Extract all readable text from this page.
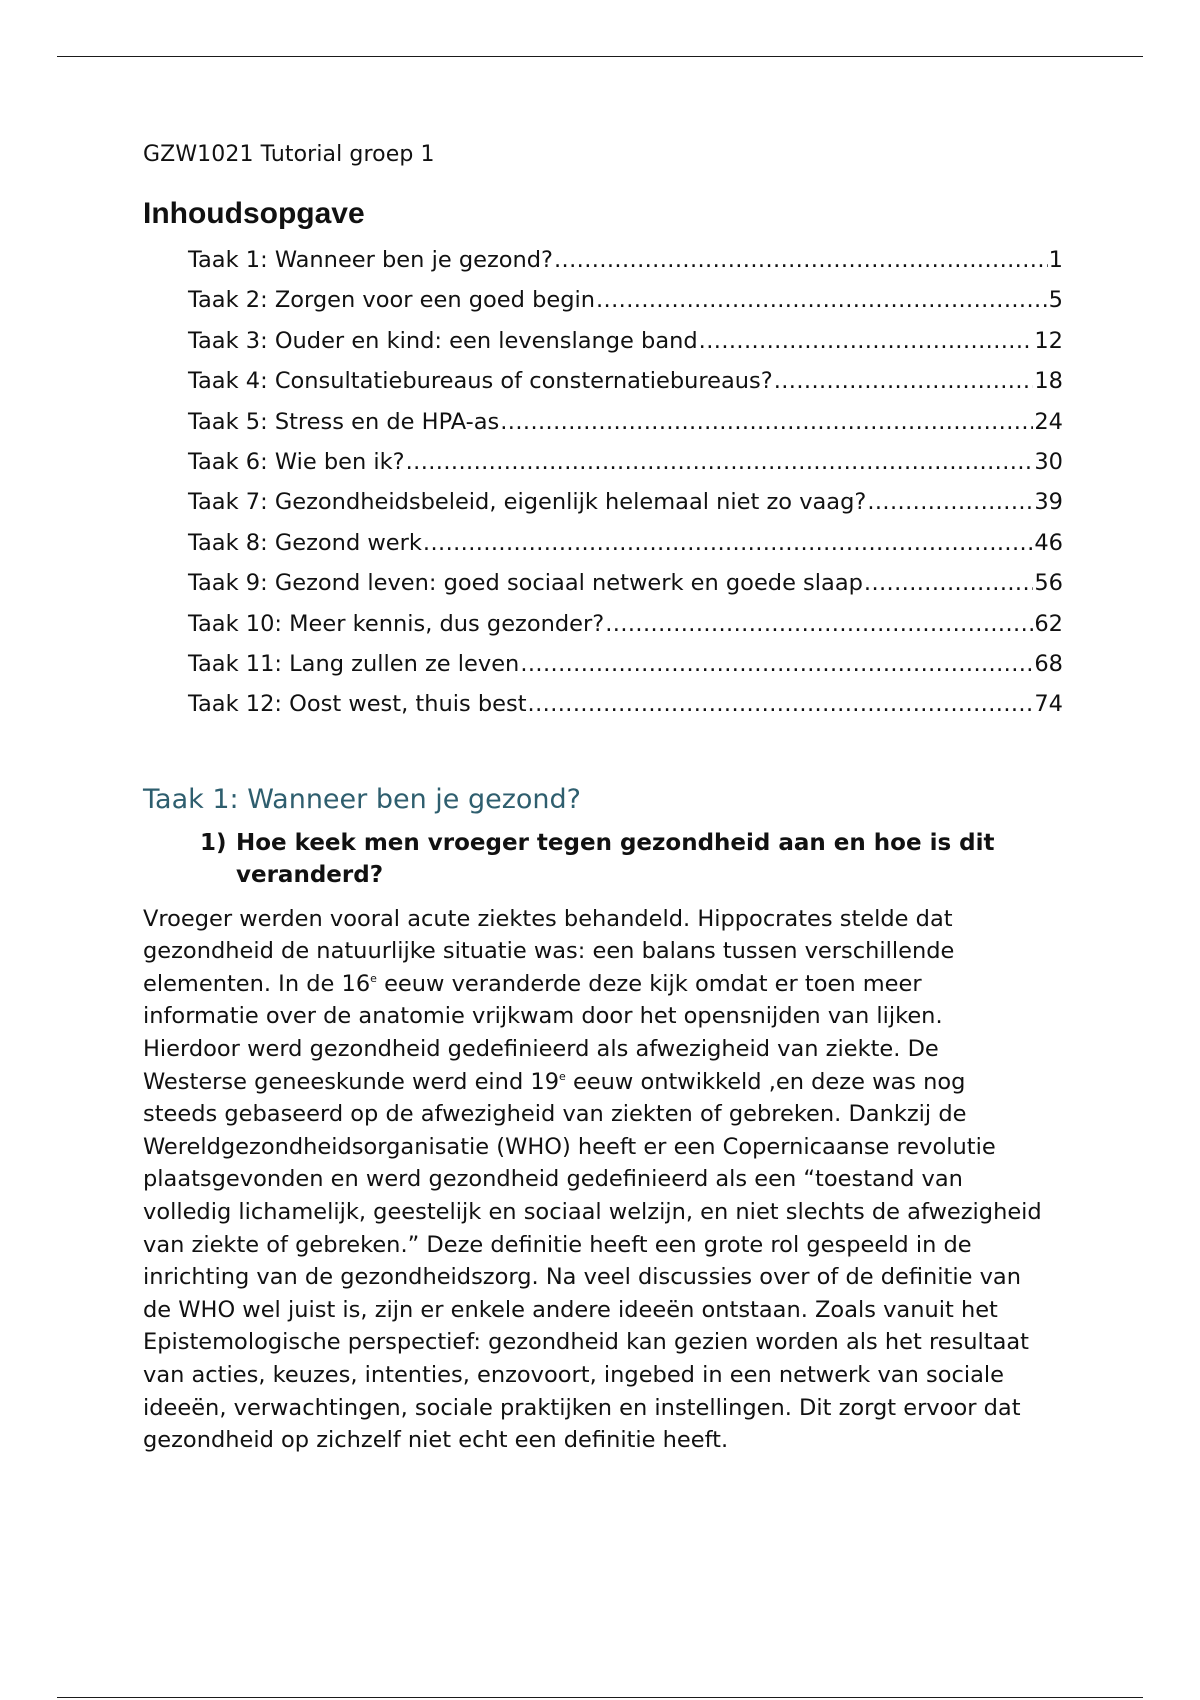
GZW1021 Tutorial groep 1
Inhoudsopgave
Taak 1: Wanneer ben je gezond? .....	1
Taak 2: Zorgen voor een goed begin .....	5
Taak 3: Ouder en kind: een levenslange band .....	12
Taak 4: Consultatiebureaus of consternatiebureaus? .....	18
Taak 5: Stress en de HPA-as .....	24
Taak 6: Wie ben ik? .....	30
Taak 7: Gezondheidsbeleid, eigenlijk helemaal niet zo vaag? .....	39
Taak 8: Gezond werk .....	46
Taak 9: Gezond leven: goed sociaal netwerk en goede slaap .....	56
Taak 10: Meer kennis, dus gezonder? .....	62
Taak 11: Lang zullen ze leven .....	68
Taak 12: Oost west, thuis best .....	74
Taak 1: Wanneer ben je gezond?
1) Hoe keek men vroeger tegen gezondheid aan en hoe is dit veranderd?

Vroeger werden vooral acute ziektes behandeld. Hippocrates stelde dat gezondheid de natuurlijke situatie was: een balans tussen verschillende elementen. In de 16e eeuw veranderde deze kijk omdat er toen meer informatie over de anatomie vrijkwam door het opensnijden van lijken. Hierdoor werd gezondheid gedefinieerd als afwezigheid van ziekte. De Westerse geneeskunde werd eind 19e eeuw ontwikkeld ,en deze was nog steeds gebaseerd op de afwezigheid van ziekten of gebreken. Dankzij de Wereldgezondheidsorganisatie (WHO) heeft er een Copernicaanse revolutie plaatsgevonden en werd gezondheid gedefinieerd als een “toestand van volledig lichamelijk, geestelijk en sociaal welzijn, en niet slechts de afwezigheid van ziekte of gebreken.” Deze definitie heeft een grote rol gespeeld in de inrichting van de gezondheidszorg. Na veel discussies over of de definitie van de WHO wel juist is, zijn er enkele andere ideeën ontstaan. Zoals vanuit het Epistemologische perspectief: gezondheid kan gezien worden als het resultaat van acties, keuzes, intenties, enzovoort, ingebed in een netwerk van sociale ideeën, verwachtingen, sociale praktijken en instellingen. Dit zorgt ervoor dat gezondheid op zichzelf niet echt een definitie heeft.
